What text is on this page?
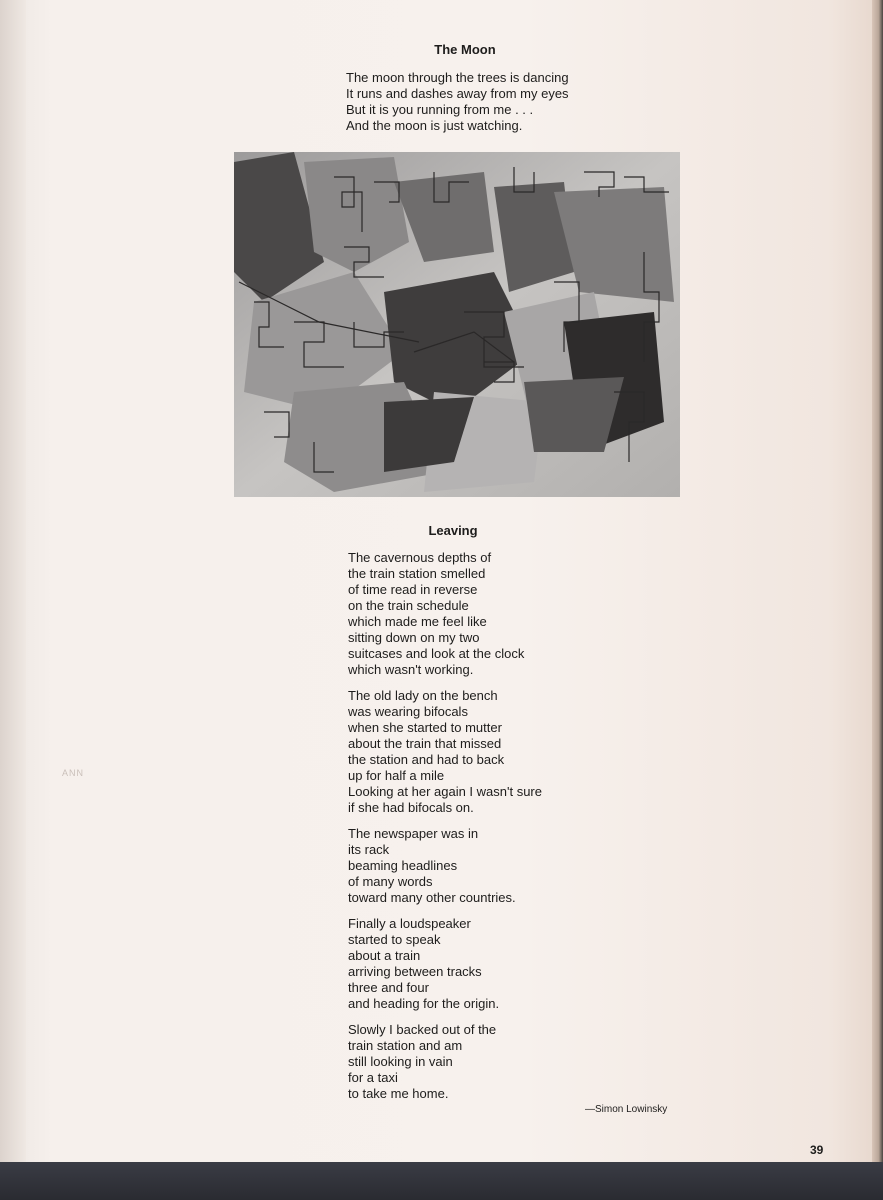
The Moon
The moon through the trees is dancing
It runs and dashes away from my eyes
But it is you running from me . . .
And the moon is just watching.
Leaving
The cavernous depths of
the train station smelled
of time read in reverse
on the train schedule
which made me feel like
sitting down on my two
suitcases and look at the clock
which wasn't working.
The old lady on the bench
was wearing bifocals
when she started to mutter
about the train that missed
the station and had to back
up for half a mile
Looking at her again I wasn't sure
if she had bifocals on.
The newspaper was in
its rack
beaming headlines
of many words
toward many other countries.
Finally a loudspeaker
started to speak
about a train
arriving between tracks
three and four
and heading for the origin.
Slowly I backed out of the
train station and am
still looking in vain
for a taxi
to take me home.
—Simon Lowinsky
39
ANN
